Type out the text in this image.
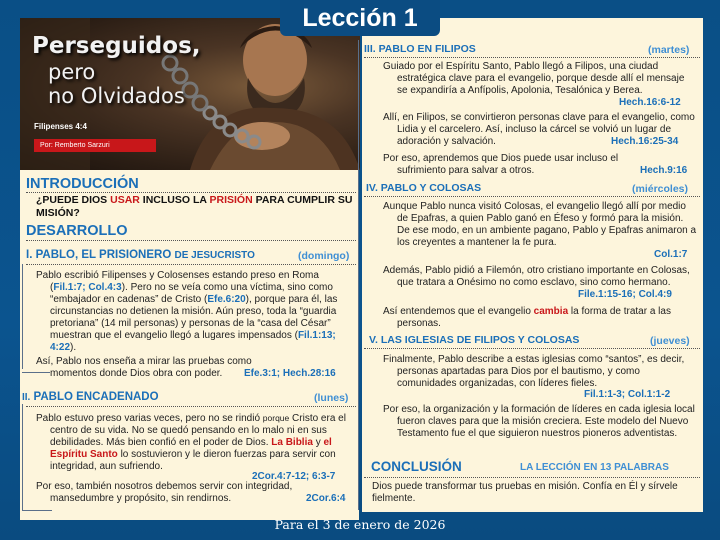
Lección 1
Perseguidos,
pero
no Olvidados
Filipenses 4:4
Por: Remberto Sarzuri
INTRODUCCIÓN
¿PUEDE DIOS USAR INCLUSO LA PRISIÓN PARA CUMPLIR SU MISIÓN?
DESARROLLO
I. PABLO, EL PRISIONERO DE JESUCRISTO	(domingo)
Pablo escribió Filipenses y Colosenses estando preso en Roma (Fil.1:7; Col.4:3). Pero no se veía como una víctima, sino como “embajador en cadenas” de Cristo (Efe.6:20), porque para él, las circunstancias no detienen la misión. Aún preso, toda la “guardia pretoriana” (14 mil personas) y personas de la “casa del César” muestran que el evangelio llegó a lugares impensados (Fil.1:13; 4:22).
Así, Pablo nos enseña a mirar las pruebas como momentos donde Dios obra con poder.	Efe.3:1; Hech.28:16
II. PABLO ENCADENADO	(lunes)
Pablo estuvo preso varias veces, pero no se rindió porque Cristo era el centro de su vida. No se quedó pensando en lo malo ni en sus debilidades. Más bien confió en el poder de Dios. La Biblia y el Espíritu Santo lo sostuvieron y le dieron fuerzas para servir con integridad, aun sufriendo.
2Cor.4:7-12; 6:3-7
Por eso, también nosotros debemos servir con integridad, mansedumbre y propósito, sin rendirnos.	2Cor.6:4
III. PABLO EN FILIPOS	(martes)
Guiado por el Espíritu Santo, Pablo llegó a Filipos, una ciudad estratégica clave para el evangelio, porque desde allí el mensaje se expandiría a Anfípolis, Apolonia, Tesalónica y Berea.
Hech.16:6-12
Allí, en Filipos, se convirtieron personas clave para el evangelio, como Lidia y el carcelero. Así, incluso la cárcel se volvió un lugar de adoración y salvación.	Hech.16:25-34
Por eso, aprendemos que Dios puede usar incluso el sufrimiento para salvar a otros.	Hech.9:16
IV. PABLO Y COLOSAS	(miércoles)
Aunque Pablo nunca visitó Colosas, el evangelio llegó allí por medio de Epafras, a quien Pablo ganó en Éfeso y formó para la misión. De ese modo, en un ambiente pagano, Pablo y Epafras animaron a los creyentes a mantener la fe pura.
Col.1:7
Además, Pablo pidió a Filemón, otro cristiano importante en Colosas, que tratara a Onésimo no como esclavo, sino como hermano.
File.1:15-16; Col.4:9
Así entendemos que el evangelio cambia la forma de tratar a las personas.
V. LAS IGLESIAS DE FILIPOS Y COLOSAS	(jueves)
Finalmente, Pablo describe a estas iglesias como “santos”, es decir, personas apartadas para Dios por el bautismo, y como comunidades organizadas, con líderes fieles.
Fil.1:1-3; Col.1:1-2
Por eso, la organización y la formación de líderes en cada iglesia local fueron claves para que la misión creciera. Este modelo del Nuevo Testamento fue el que siguieron nuestros pioneros adventistas.
CONCLUSIÓN	LA LECCIÓN EN 13 PALABRAS
Dios puede transformar tus pruebas en misión. Confía en Él y sírvele fielmente.
Para el 3 de enero de 2026
